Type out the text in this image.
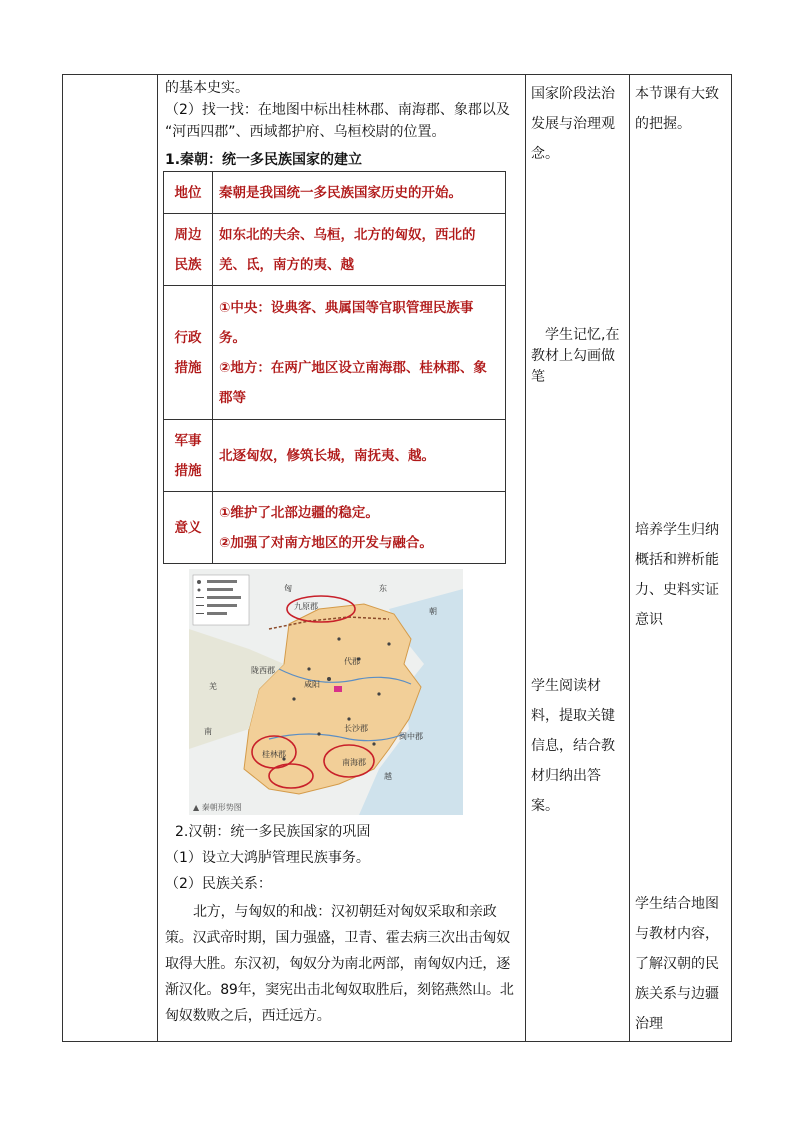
的基本史实。

（2）找一找：在地图中标出桂林郡、南海郡、象郡以及

“河西四郡”、西域都护府、乌桓校尉的位置。

1.秦朝：统一多民族国家的建立

地位	秦朝是我国统一多民族国家历史的开始。
周边民族	如东北的夫余、乌桓，北方的匈奴，西北的羌、氐，南方的夷、越
行政措施	①中央：设典客、典属国等官职管理民族事务。
②地方：在两广地区设立南海郡、桂林郡、象郡等

军事措施	北逐匈奴，修筑长城，南抚夷、越。
意义	①维护了北部边疆的稳定。
②加强了对南方地区的开发与融合。
匈	东
九原郡
朝
陇西郡
代郡
咸阳
长沙郡
桂林郡
南海郡
闽中郡
羌
南
越
▲ 秦朝形势图

2.汉朝：统一多民族国家的巩固

（1）设立大鸿胪管理民族事务。

（2）民族关系：

北方，与匈奴的和战：汉初朝廷对匈奴采取和亲政策。汉武帝时期，国力强盛，卫青、霍去病三次出击匈奴取得大胜。东汉初，匈奴分为南北两部，南匈奴内迁，逐渐汉化。89年，窦宪出击北匈奴取胜后，刻铭燕然山。北匈奴数败之后，西迁远方。

国家阶段法治发展与治理观念。
学生记忆,在教材上勾画做笔
学生阅读材料，提取关键信息，结合教材归纳出答案。
本节课有大致的把握。
培养学生归纳概括和辨析能力、史料实证意识
学生结合地图与教材内容，了解汉朝的民族关系与边疆治理
